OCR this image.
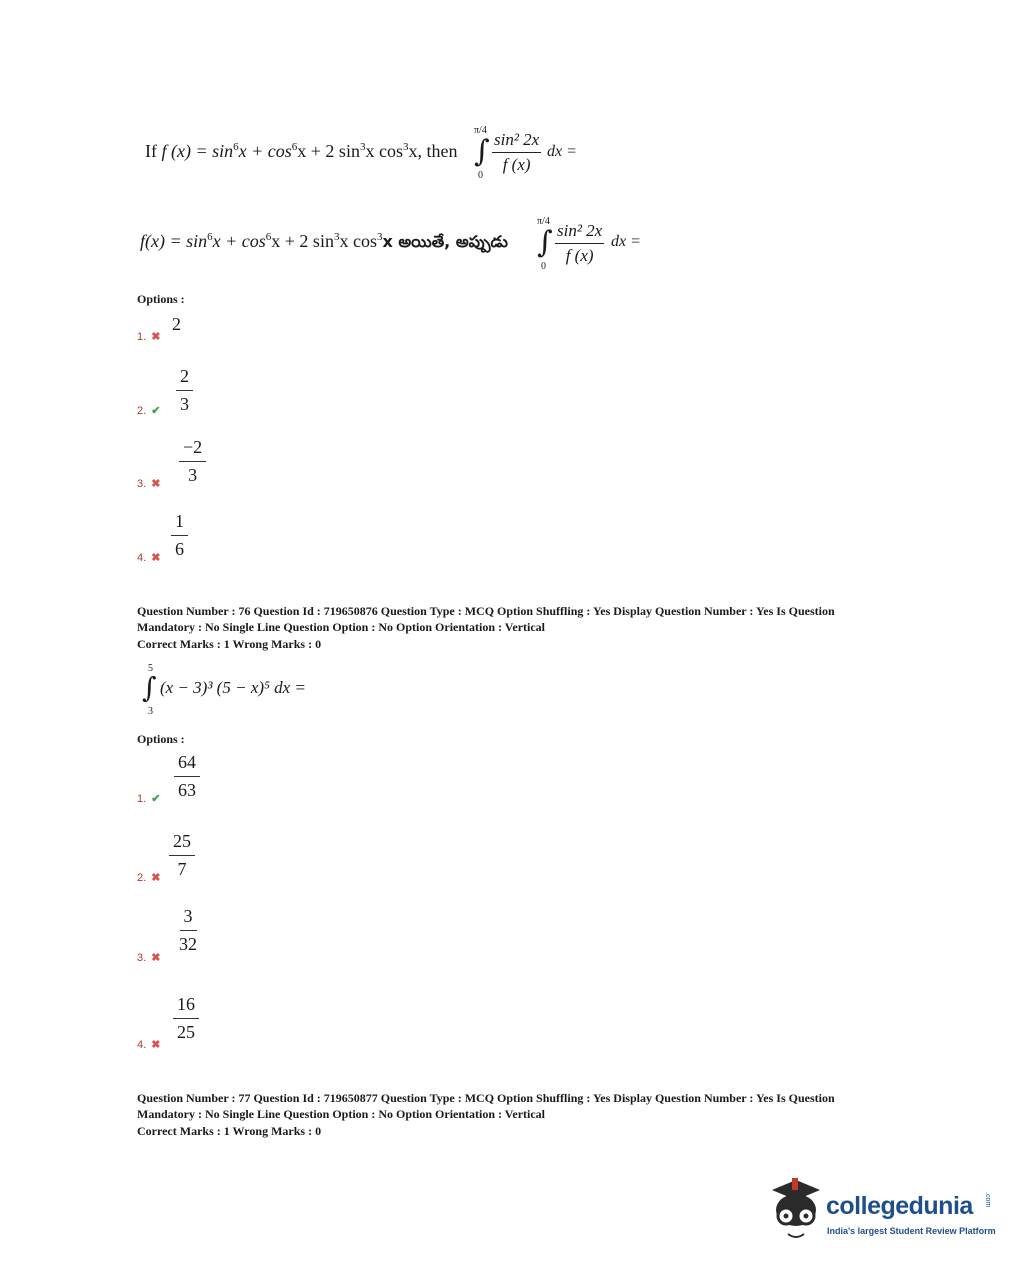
If f $(x) = \sin^6x + \cos^6x + 2$ $\sin^3x$ $\cos^3x$, then
π/4
∫
0
$\frac{\text{sin² 2x}}{f (x)}$ dx =
$f(x) = \sin^6x + \cos^6x + 2$ $\sin^3x$ $\cos^3x$ అయితే, అప్పుడు
π/4
∫
0
$\frac{\text{sin² 2x}}{f (x)}$ dx =
Options :
1. ✖
2
2. ✔ $\frac{2}{3}$
3. ✖ $\frac{-2}{3}$
4. ✖ $\frac{1}{6}$
Question Number : 76 Question Id : 719650876 Question Type : MCQ Option Shuffling : Yes Display Question Number : Yes Is Question
Mandatory : No Single Line Question Option : No Option Orientation : Vertical
Correct Marks : 1 Wrong Marks : 0
5
∫
3
(x − 3)³ (5 − x)⁵ dx =
Options :
1. ✔ $\frac{64}{63}$
2. ✖ $\frac{25}{7}$
3. ✖
$\frac{3}{32}$
4. ✖
$\frac{16}{25}$
Question Number : 77 Question Id : 719650877 Question Type : MCQ Option Shuffling : Yes Display Question Number : Yes Is Question
Mandatory : No Single Line Question Option : No Option Orientation : Vertical
Correct Marks : 1 Wrong Marks : 0
collegedunia .com
India's largest Student Review Platform
